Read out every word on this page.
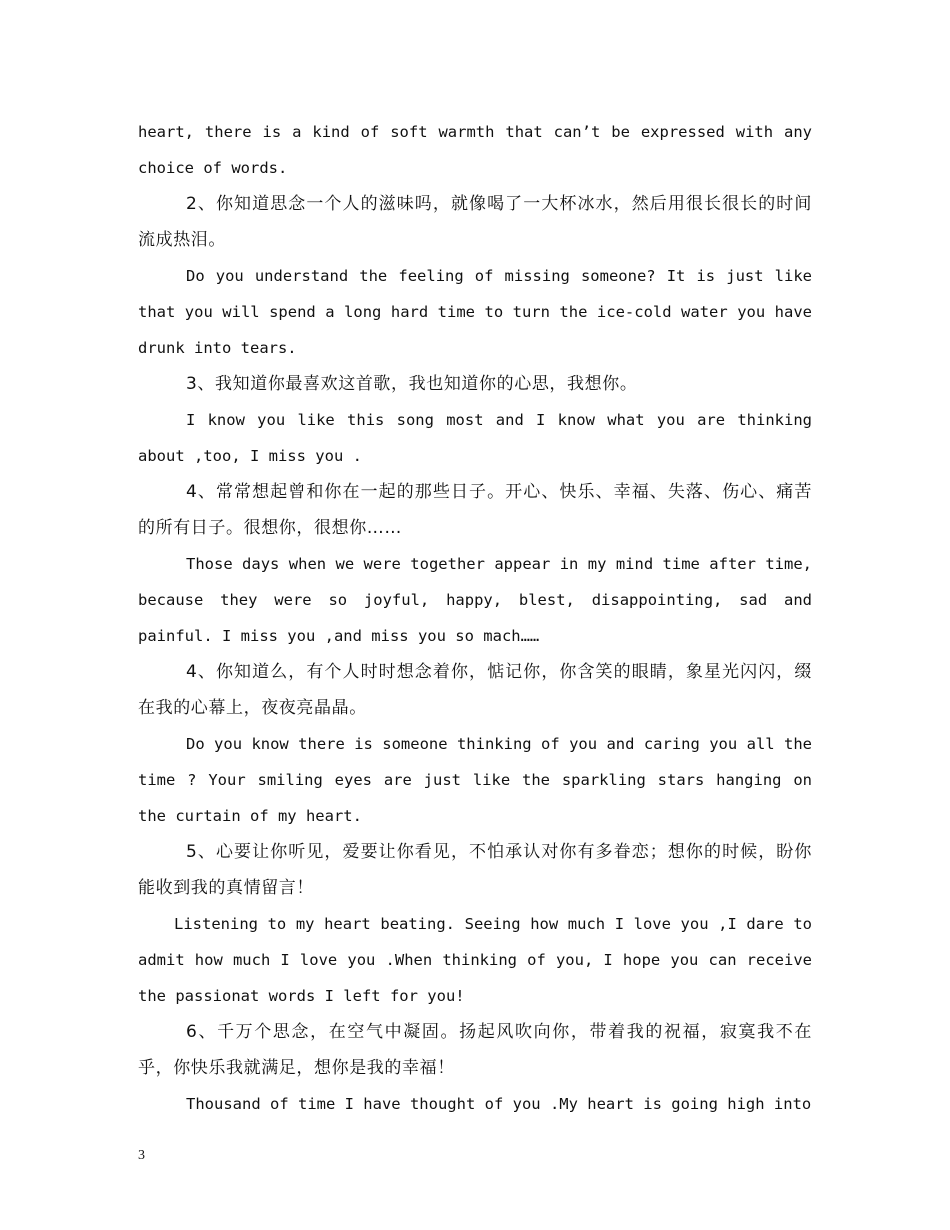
heart, there is a kind of soft warmth that can’t be expressed with any choice of words.

2、你知道思念一个人的滋味吗，就像喝了一大杯冰水，然后用很长很长的时间流成热泪。

Do you understand the feeling of missing someone? It is just like that you will spend a long hard time to turn the ice-cold water you have drunk into tears.

3、我知道你最喜欢这首歌，我也知道你的心思，我想你。

I know you like this song most and I know what you are thinking about ,too, I miss you .

4、常常想起曾和你在一起的那些日子。开心、快乐、幸福、失落、伤心、痛苦的所有日子。很想你，很想你……

Those days when we were together appear in my mind time after time, because they were so joyful, happy, blest, disappointing, sad and painful. I miss you ,and miss you so mach……

4、你知道么，有个人时时想念着你，惦记你，你含笑的眼睛，象星光闪闪，缀在我的心幕上，夜夜亮晶晶。

Do you know there is someone thinking of you and caring you all the time ? Your smiling eyes are just like the sparkling stars hanging on the curtain of my heart.

5、心要让你听见，爱要让你看见，不怕承认对你有多眷恋；想你的时候，盼你能收到我的真情留言！

Listening to my heart beating. Seeing how much I love you ,I dare to admit how much I love you .When thinking of you, I hope you can receive the passionat words I left for you!

6、千万个思念，在空气中凝固。扬起风吹向你，带着我的祝福，寂寞我不在乎，你快乐我就满足，想你是我的幸福！

Thousand of time I have thought of you .My heart is going high into

3
